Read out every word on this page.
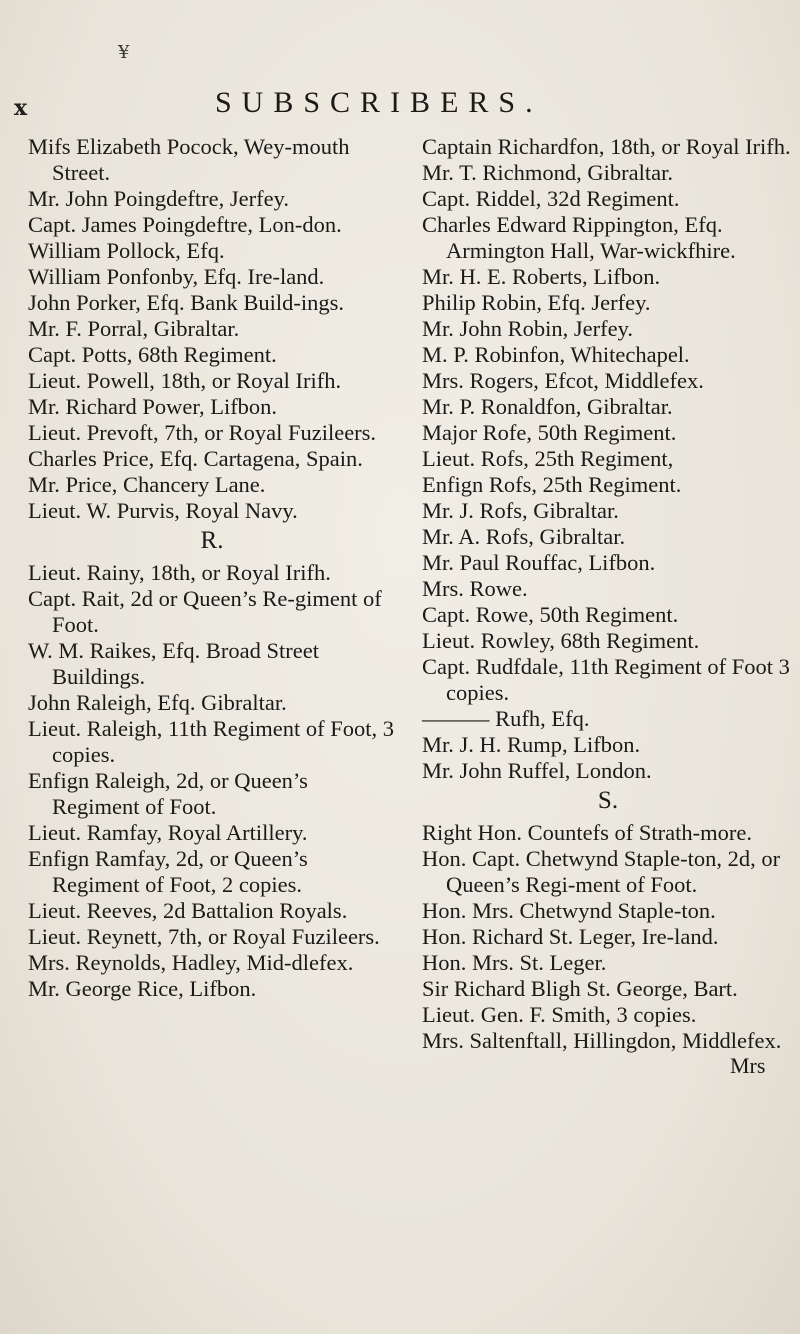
¥
x	SUBSCRIBERS.

Mifs Elizabeth Pocock, Wey-mouth Street.

Mr. John Poingdeftre, Jerfey.

Capt. James Poingdeftre, Lon-don.

William Pollock, Efq.

William Ponfonby, Efq. Ire-land.

John Porker, Efq. Bank Build-ings.

Mr. F. Porral, Gibraltar.

Capt. Potts, 68th Regiment.

Lieut. Powell, 18th, or Royal Irifh.

Mr. Richard Power, Lifbon.

Lieut. Prevoft, 7th, or Royal Fuzileers.

Charles Price, Efq. Cartagena, Spain.

Mr. Price, Chancery Lane.

Lieut. W. Purvis, Royal Navy.

R.

Lieut. Rainy, 18th, or Royal Irifh.

Capt. Rait, 2d or Queen’s Re-giment of Foot.

W. M. Raikes, Efq. Broad Street Buildings.

John Raleigh, Efq. Gibraltar.

Lieut. Raleigh, 11th Regiment of Foot, 3 copies.

Enfign Raleigh, 2d, or Queen’s Regiment of Foot.

Lieut. Ramfay, Royal Artillery.

Enfign Ramfay, 2d, or Queen’s Regiment of Foot, 2 copies.

Lieut. Reeves, 2d Battalion Royals.

Lieut. Reynett, 7th, or Royal Fuzileers.

Mrs. Reynolds, Hadley, Mid-dlefex.

Mr. George Rice, Lifbon.

Captain Richardfon, 18th, or Royal Irifh.

Mr. T. Richmond, Gibraltar.

Capt. Riddel, 32d Regiment.

Charles Edward Rippington, Efq. Armington Hall, War-wickfhire.

Mr. H. E. Roberts, Lifbon.

Philip Robin, Efq. Jerfey.

Mr. John Robin, Jerfey.

M. P. Robinfon, Whitechapel.

Mrs. Rogers, Efcot, Middlefex.

Mr. P. Ronaldfon, Gibraltar.

Major Rofe, 50th Regiment.

Lieut. Rofs, 25th Regiment,

Enfign Rofs, 25th Regiment.

Mr. J. Rofs, Gibraltar.

Mr. A. Rofs, Gibraltar.

Mr. Paul Rouffac, Lifbon.

Mrs. Rowe.

Capt. Rowe, 50th Regiment.

Lieut. Rowley, 68th Regiment.

Capt. Rudfdale, 11th Regiment of Foot 3 copies.

——— Rufh, Efq.

Mr. J. H. Rump, Lifbon.

Mr. John Ruffel, London.

S.

Right Hon. Countefs of Strath-more.

Hon. Capt. Chetwynd Staple-ton, 2d, or Queen’s Regi-ment of Foot.

Hon. Mrs. Chetwynd Staple-ton.

Hon. Richard St. Leger, Ire-land.

Hon. Mrs. St. Leger.

Sir Richard Bligh St. George, Bart.

Lieut. Gen. F. Smith, 3 copies.

Mrs. Saltenftall, Hillingdon, Middlefex.

Mrs
